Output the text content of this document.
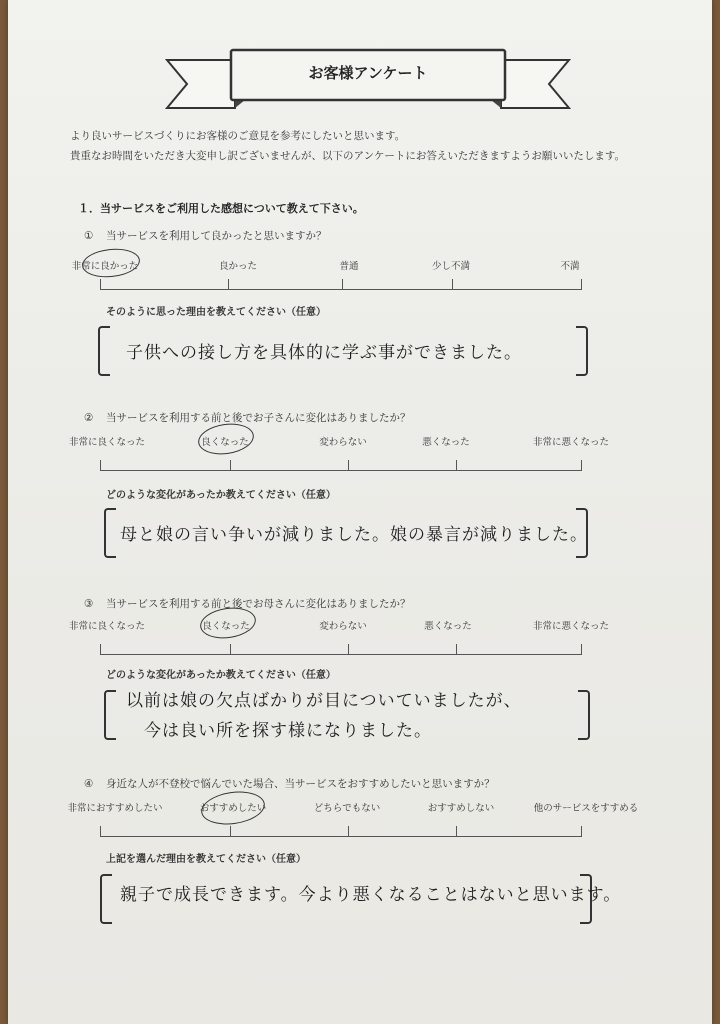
お客様アンケート
より良いサービスづくりにお客様のご意見を参考にしたいと思います。
貴重なお時間をいただき大変申し訳ございませんが、以下のアンケートにお答えいただきますようお願いいたします。
１．当サービスをご利用した感想について教えて下さい。
① 当サービスを利用して良かったと思いますか？
非常に良かった	良かった	普通	少し不満	不満
そのように思った理由を教えてください（任意）
子供への接し方を具体的に学ぶ事ができました。
② 当サービスを利用する前と後でお子さんに変化はありましたか？
非常に良くなった	良くなった	変わらない	悪くなった	非常に悪くなった
どのような変化があったか教えてください（任意）
母と娘の言い争いが減りました。娘の暴言が減りました。
③ 当サービスを利用する前と後でお母さんに変化はありましたか？
非常に良くなった	良くなった	変わらない	悪くなった	非常に悪くなった
どのような変化があったか教えてください（任意）
以前は娘の欠点ばかりが目についていましたが、
今は良い所を探す様になりました。
④ 身近な人が不登校で悩んでいた場合、当サービスをおすすめしたいと思いますか？
非常におすすめしたい	おすすめしたい	どちらでもない	おすすめしない	他のサービスをすすめる
上記を選んだ理由を教えてください（任意）
親子で成長できます。今より悪くなることはないと思います。
